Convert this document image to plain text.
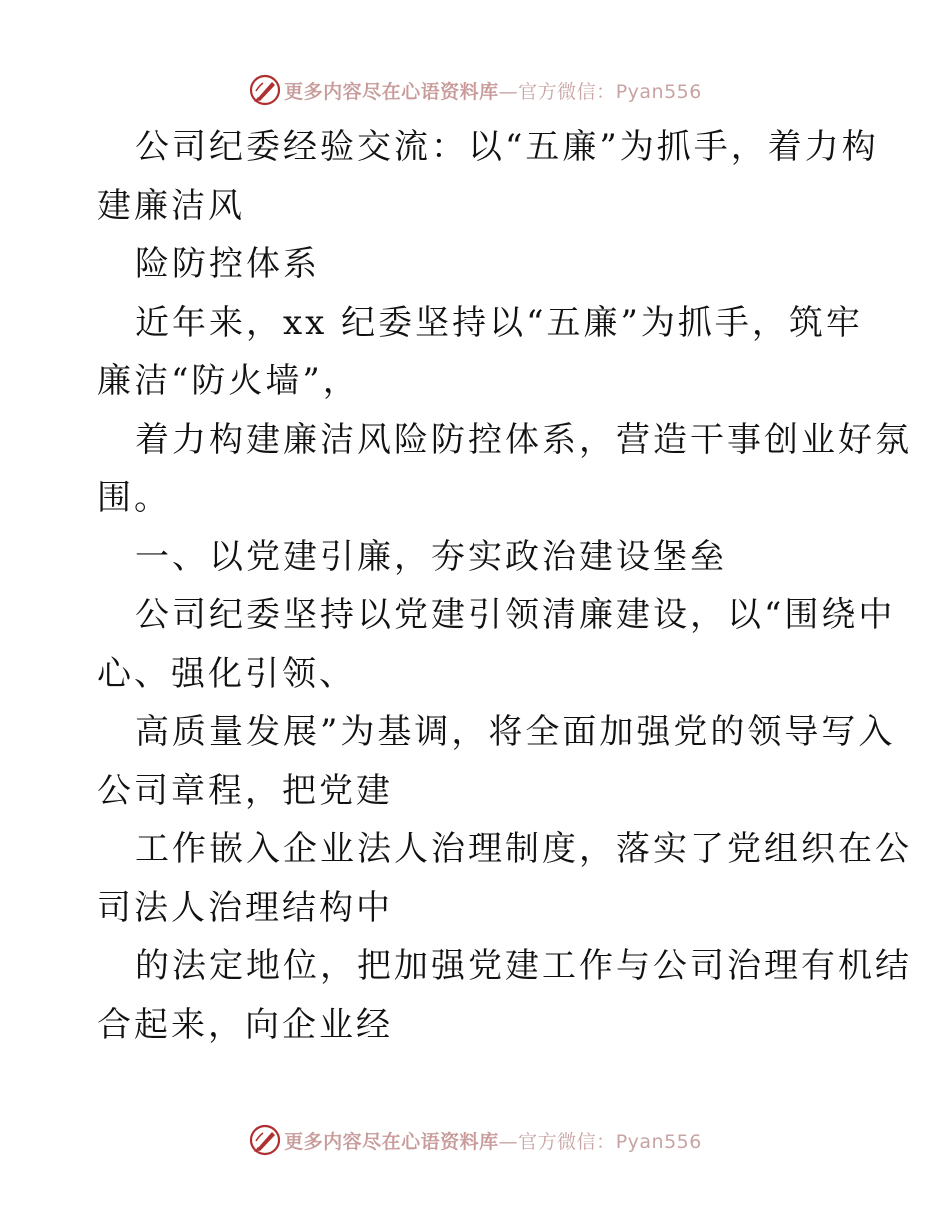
更多内容尽在心语资料库—官方微信：Pyan556

公司纪委经验交流：以“五廉”为抓手，着力构
建廉洁风

险防控体系

近年来，xx 纪委坚持以“五廉”为抓手，筑牢
廉洁“防火墙”，

着力构建廉洁风险防控体系，营造干事创业好氛
围。

一、以党建引廉，夯实政治建设堡垒

公司纪委坚持以党建引领清廉建设，以“围绕中
心、强化引领、

高质量发展”为基调，将全面加强党的领导写入
公司章程，把党建

工作嵌入企业法人治理制度，落实了党组织在公
司法人治理结构中

的法定地位，把加强党建工作与公司治理有机结
合起来，向企业经

更多内容尽在心语资料库—官方微信：Pyan556
